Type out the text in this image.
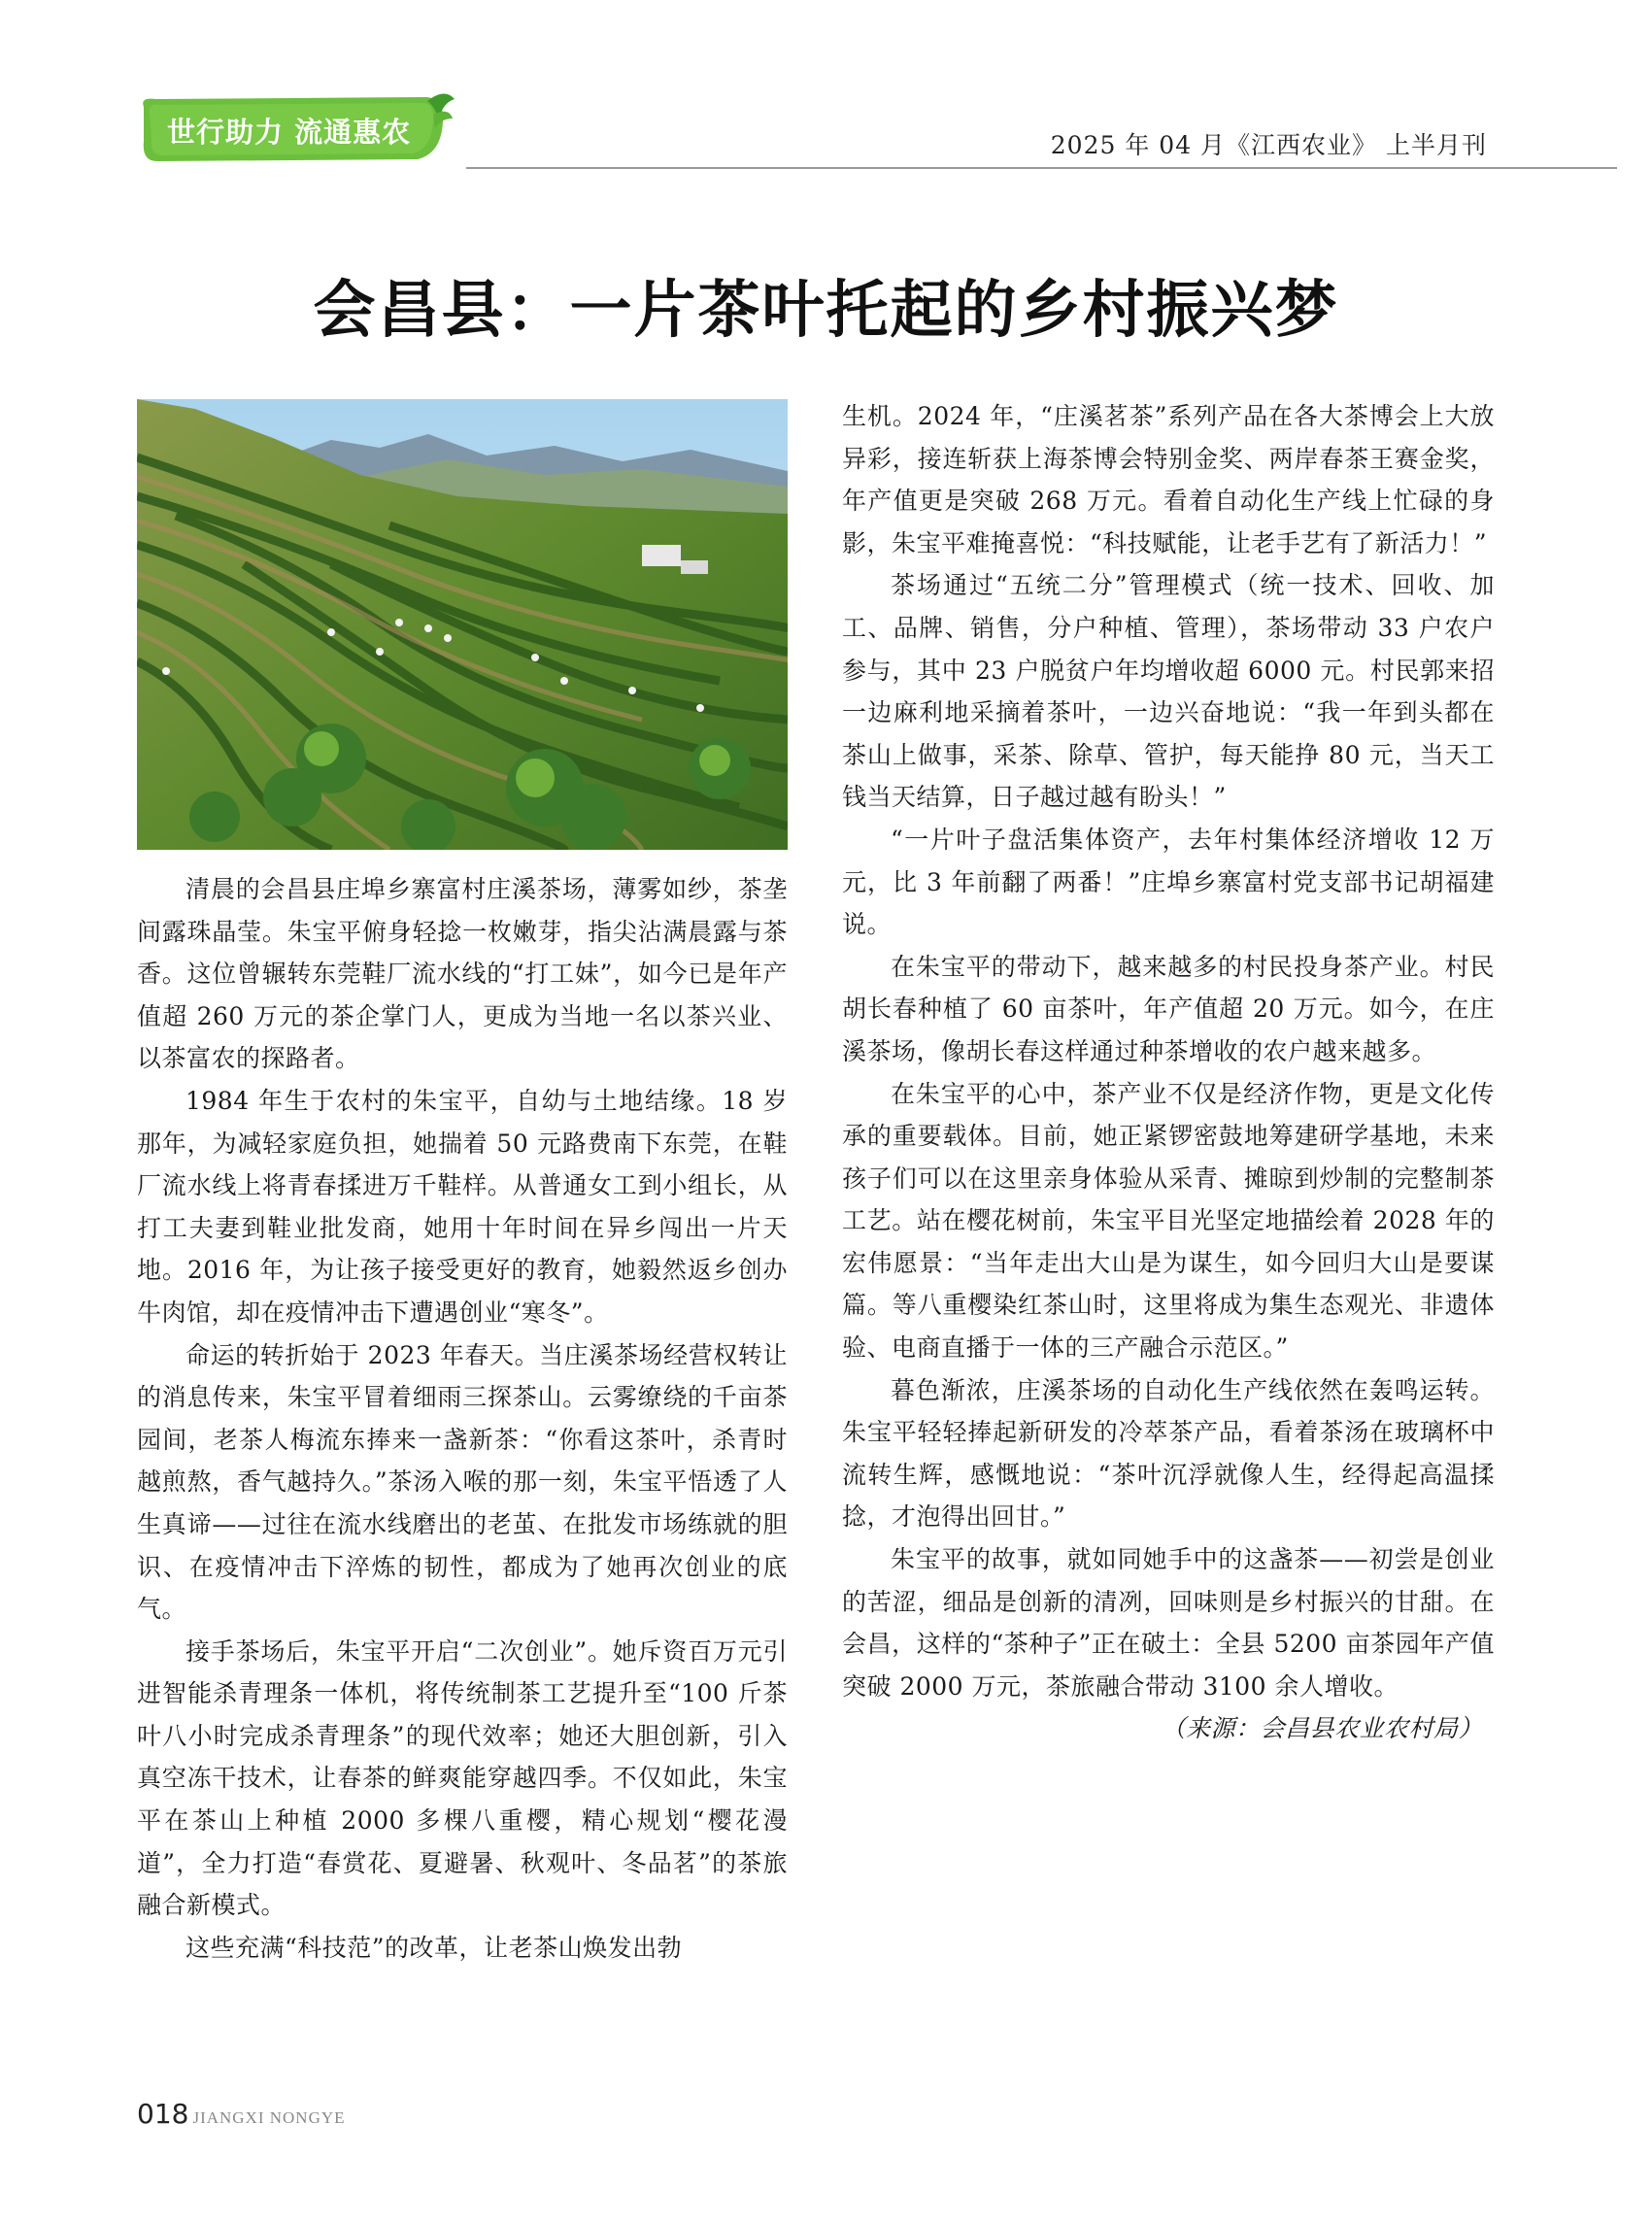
世行助力 流通惠农	2025 年 04 月《江西农业》 上半月刊
会昌县：一片茶叶托起的乡村振兴梦

清晨的会昌县庄埠乡寨富村庄溪茶场，薄雾如纱，茶垄间露珠晶莹。朱宝平俯身轻捻一枚嫩芽，指尖沾满晨露与茶香。这位曾辗转东莞鞋厂流水线的“打工妹”，如今已是年产值超 260 万元的茶企掌门人，更成为当地一名以茶兴业、以茶富农的探路者。

1984 年生于农村的朱宝平，自幼与土地结缘。18 岁那年，为减轻家庭负担，她揣着 50 元路费南下东莞，在鞋厂流水线上将青春揉进万千鞋样。从普通女工到小组长，从打工夫妻到鞋业批发商，她用十年时间在异乡闯出一片天地。2016 年，为让孩子接受更好的教育，她毅然返乡创办牛肉馆，却在疫情冲击下遭遇创业“寒冬”。

命运的转折始于 2023 年春天。当庄溪茶场经营权转让的消息传来，朱宝平冒着细雨三探茶山。云雾缭绕的千亩茶园间，老茶人梅流东捧来一盏新茶：“你看这茶叶，杀青时越煎熬，香气越持久。”茶汤入喉的那一刻，朱宝平悟透了人生真谛——过往在流水线磨出的老茧、在批发市场练就的胆识、在疫情冲击下淬炼的韧性，都成为了她再次创业的底气。

接手茶场后，朱宝平开启“二次创业”。她斥资百万元引进智能杀青理条一体机，将传统制茶工艺提升至“100 斤茶叶八小时完成杀青理条”的现代效率；她还大胆创新，引入真空冻干技术，让春茶的鲜爽能穿越四季。不仅如此，朱宝平在茶山上种植 2000 多棵八重樱，精心规划“樱花漫道”，全力打造“春赏花、夏避暑、秋观叶、冬品茗”的茶旅融合新模式。

这些充满“科技范”的改革，让老茶山焕发出勃

生机。2024 年，“庄溪茗茶”系列产品在各大茶博会上大放异彩，接连斩获上海茶博会特别金奖、两岸春茶王赛金奖，年产值更是突破 268 万元。看着自动化生产线上忙碌的身影，朱宝平难掩喜悦：“科技赋能，让老手艺有了新活力！”

茶场通过“五统二分”管理模式（统一技术、回收、加工、品牌、销售，分户种植、管理），茶场带动 33 户农户参与，其中 23 户脱贫户年均增收超 6000 元。村民郭来招一边麻利地采摘着茶叶，一边兴奋地说：“我一年到头都在茶山上做事，采茶、除草、管护，每天能挣 80 元，当天工钱当天结算，日子越过越有盼头！”

“一片叶子盘活集体资产，去年村集体经济增收 12 万元，比 3 年前翻了两番！”庄埠乡寨富村党支部书记胡福建说。

在朱宝平的带动下，越来越多的村民投身茶产业。村民胡长春种植了 60 亩茶叶，年产值超 20 万元。如今，在庄溪茶场，像胡长春这样通过种茶增收的农户越来越多。

在朱宝平的心中，茶产业不仅是经济作物，更是文化传承的重要载体。目前，她正紧锣密鼓地筹建研学基地，未来孩子们可以在这里亲身体验从采青、摊晾到炒制的完整制茶工艺。站在樱花树前，朱宝平目光坚定地描绘着 2028 年的宏伟愿景：“当年走出大山是为谋生，如今回归大山是要谋篇。等八重樱染红茶山时，这里将成为集生态观光、非遗体验、电商直播于一体的三产融合示范区。”

暮色渐浓，庄溪茶场的自动化生产线依然在轰鸣运转。朱宝平轻轻捧起新研发的冷萃茶产品，看着茶汤在玻璃杯中流转生辉，感慨地说：“茶叶沉浮就像人生，经得起高温揉捻，才泡得出回甘。”

朱宝平的故事，就如同她手中的这盏茶——初尝是创业的苦涩，细品是创新的清冽，回味则是乡村振兴的甘甜。在会昌，这样的“茶种子”正在破土：全县 5200 亩茶园年产值突破 2000 万元，茶旅融合带动 3100 余人增收。

（来源：会昌县农业农村局）

018 JIANGXI NONGYE
